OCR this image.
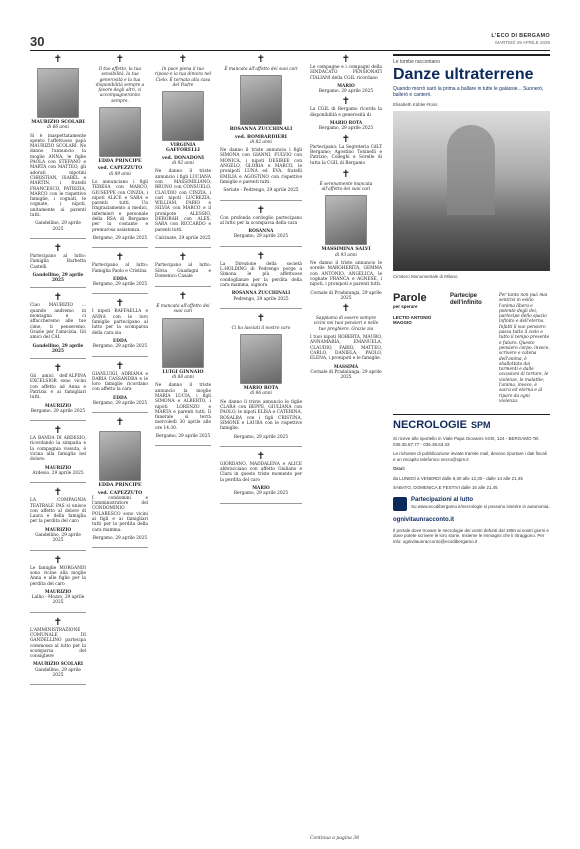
30	L'ECO DI BERGAMO
MARTEDÌ 29 APRILE 2025
✝
MAURIZIO SCOLARI
di 66 anni
Si è inaspettatamente spento l'affettuoso papà MAURIZIO SCOLARI. Ne danno l'annuncio la moglie ANNA, le figlie PAOLA con STEFANO e MARTA con MATTEO, gli adorati nipotini CHRISTIAN, ISABEL e MARTIN, i fratelli FRANCESCO, PATRIZIA, MARCO con le rispettive famiglie, i cognati, le cognate, i nipoti, unitamente ai parenti tutti.
Gandellino, 29 aprile 2025
✝
Partecipano al lutto: Famiglia Barbetta Castelli
Gandellino, 29 aprile 2025
✝
Ciao MAURIZIO ... quando andremo in montagna e ci affaccheremo alle tue cime, ti penseremo. Grazie per l'amicizia. Gli amici del CAI.
Gandellino, 29 aprile 2025
✝
Gli amici dell'ALPINA EXCELSIOR sono vicini con affetto ad Anna e Patrizia e ai famigliari tutti.
MAURIZIO
Bergamo, 29 aprile 2025
✝
LA BANDA DI ARDESIO, ricordando la simpatia e la compagnia vissuta, è vicina alla famiglia nel dolore.
MAURIZIO
Ardesio, 29 aprile 2025
✝
LA COMPAGNIA TEATRALE PAS si unisce con affetto al dolore di Laura e della famiglia per la perdita del caro
MAURIZIO
Gandellino, 29 aprile 2025
✝
Le famiglie MORGANDI sono vicine alla moglie Anna e alle figlie per la perdita del caro
MAURIZIO
Lallio - Mozzo, 29 aprile 2025
✝
L'AMMINISTRAZIONE COMUNALE DI GANDELLINO partecipa commossa al lutto per la scomparsa del consigliere
MAURIZIO SCOLARI
Gandellino, 29 aprile 2025
✝
Il tuo affetto, la tua sensibilità, la tua generosità e la tua disponibilità sempre a favore degli altri, ci accompagneranno sempre.
EDDA PRINCIPE
ved. CAPEZZUTO
di 89 anni
Lo annunciano i figli TERESA con MARCO, GIUSEPPE con CINZIA, i nipoti ALICE e SARA e parenti tutti. Un ringraziamento a medici, infermieri e personale della RSA di Bergamo per la costante e premurosa assistenza.
Bergamo, 29 aprile 2025
✝
Partecipano al lutto: Famiglia Paolo e Cristina
EDDA
Bergamo, 29 aprile 2025
✝
I nipoti RAFFAELLA e ANNA con le loro famiglie partecipano al lutto per la scomparsa della cara zia
EDDA
Bergamo, 29 aprile 2025
✝
GIANLUIGI, ADRIANA e DARIA CASSANDRA e le loro famiglie ricordano con affetto la cara
EDDA
Bergamo, 29 aprile 2025
✝
EDDA PRINCIPE
ved. CAPEZZUTO
I condomini e l'amministratore del CONDOMINIO POLARESCO sono vicini ai figli e ai famigliari tutti per la perdita della cara mamma.
Bergamo, 29 aprile 2025
✝
In pace piena il tuo riposo e la tua dimora nel Cielo. È tornata alla casa del Padre
VIRGINIA GAFFORELLI
ved. DONADONI
di 92 anni
Ne danno il triste annuncio i figli LUCIANA con MASSIMILIANO, BRUNO con CONSUELO, CLAUDIO con CINZIA, i cari nipoti LUCREZIA, WILLIAM, FABIO e SILVIA con MARCO e il pronipote ALESSIO, DEBORAH con ALEX, SARA con RICCARDO e parenti tutti.
Calcinate, 29 aprile 2025
✝
Partecipano al lutto: Silvia Guadagni e Domenico Casale
✝
È mancata all'affetto dei suoi cari
LUIGI GINNAIO
di 88 anni
Ne danno il triste annuncio la moglie MARIA LUCIA, i figli SIMONA e ALBERTO, i nipoti LORENZO e MARTA e parenti tutti. Il funerale si terrà mercoledì 30 aprile alle ore 14.30.
Bergamo, 29 aprile 2025
✝
È mancata all'affetto dei suoi cari
ROSANNA ZUCCHINALI
ved. BOMBARDIERI
di 82 anni
Ne danno il triste annuncio i figli SIMONA con GIANNI, FULVIO con MONICA, i nipoti DESIREE con ANGELO, GLORIA e MARCO, le pronipoti LUNA ed EVA, fratelli EMILIA e AGOSTINO con rispettive famiglie e parenti tutti.
Seriate - Pedrengo, 29 aprile 2025
✝
Con profonda cordoglio partecipano al lutto per la scomparsa della cara
ROSANNA
Bergamo, 29 aprile 2025
✝
La Direzione della società L.HOLDING di Pedrengo porge a Simona le più affettuose condoglianze per la perdita della cara mamma, signora
ROSANNA ZUCCHINALI
Pedrengo, 29 aprile 2025
✝
Ci ha lasciati il nostro caro
MARIO ROTA
di 86 anni
Ne danno il triste annuncio le figlie CLARA con BEPPE, GIULIANA con PAOLO, le nipoti ELISA e CATERINA, ROSALBA con i figli CRISTINA, SIMONE e LAURA con le rispettive famiglie.
Bergamo, 29 aprile 2025
✝
GIORDANO, MADDALENA e ALICE abbracciano con affetto Giuliano e Clara in questo triste momento per la perdita del caro
MARIO
Bergamo, 29 aprile 2025
✝
Le compagne e i compagni della SINDACATO PENSIONATI ITALIANI della CGIL ricordano
MARIO
Bergamo, 29 aprile 2025
✝
La CGIL di Bergamo ricorda la disponibilità e generosità di
MARIO ROTA
Bergamo, 29 aprile 2025
✝
Partecipano: La Segreteria CdLT Bergamo; Agostino Toninelli e Patrizio; Colleghi e Sorelle di tutta la CGIL di Bergamo
✝
È serenamente mancata all'affetto dei suoi cari
MASSIMINA SALVI
di 93 anni
Ne danno il triste annuncio le sorelle MARGHERITA, GEMMA con ANTONIO, ANGELICA, le cognate FRANCA e AGNESE, i nipoti, i pronipoti e parenti tutti.
Cornale di Pradalunga, 29 aprile 2025
✝
Sappiamo di essere sempre vicini nei tuoi pensieri e nelle tue preghiere. Grazie zia
I tuoi nipoti ROBERTA, MAURO, ANNAMARIA, EMANUELA, CLAUDIO, FABIO, MATTEO, CARLO, DANIELA, PAOLO, ELENA, i pronipoti e le famiglie.
MASSIMA
Cornale di Pradalunga, 29 aprile 2025
Continua a pagina 38
Le tombe raccontano
Danze ultraterrene
Quando morrò sarò la prima a ballare in tutte le galassie... Suonerò, ballerò e canterò.
Elisabeth Kübler-Ross
Cimitero Monumentale di Milano
Parole
per sperare
LECTIO ANTONIO MAGGIO
Partecipe dell'infinito
Per tanto non può mai sentirsi in esilio l'anima libera e potente degli dei, partecipe dello spazio infinito e dell'eterno. Infatti il suo pensiero passa tutto il cielo e tutto il tempo presente e futuro. Questo pensiero corpo, invece, scrivere e catena dell'anima, è sballottato dai tormenti e dalle occasioni di torture, le violenze, le malattie; l'anima, invece, è sacra ed eterna e al riparo da ogni violenza.
NECROLOGIE SPM

Si riceve allo sportello in Viale Papa Giovanni XXIII, 124 - BERGAMO Tel. 035.35.87.77 - 035.38.63.33

Le richieste di pubblicazione inviate tramite mail, devono riportare i dati fiscali e un recapito telefonico necro@spm.it

Orari:

da LUNEDÌ a VENERDÌ dalle 8,30 alle 12,30 - dalle 14 alle 21,45

SABATO, DOMENICA E FESTIVI dalle 16 alle 21,45

Partecipazioni al lutto
Su www.ecodibergamo.it/necrologie si possono inserire in autonomia.
ognivitaunracconto.it
Il portale dove trovare le necrologie dei vostri defunti dal 1950 ai nostri giorni e dove potete scrivere le loro storie. Insieme le immagini che li ritraggono. Per info: ognivitaunracconto@ecodibergamo.it
